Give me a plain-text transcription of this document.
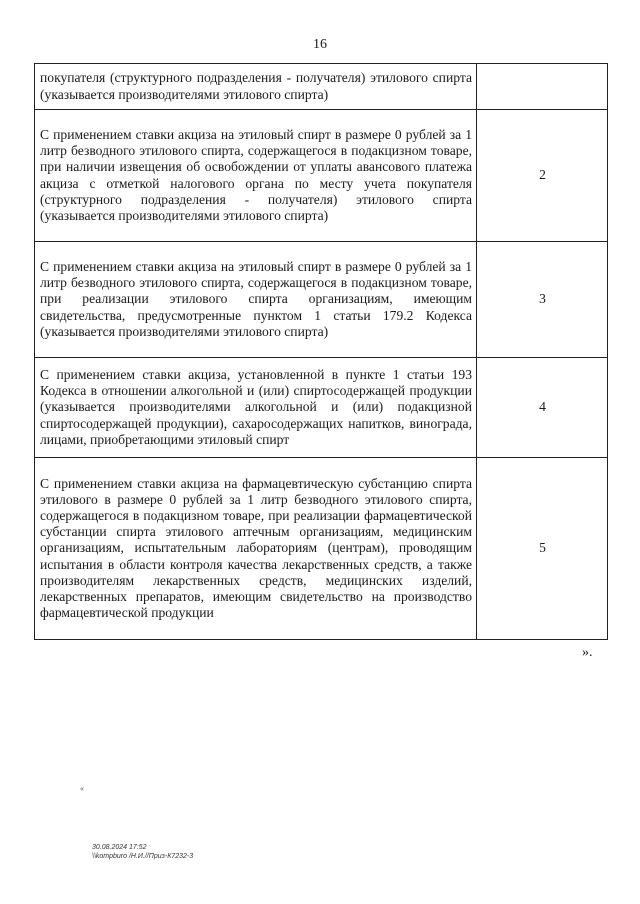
16
покупателя (структурного подразделения - получателя) этилового спирта (указывается производителями этилового спирта)	
С применением ставки акциза на этиловый спирт в размере 0 рублей за 1 литр безводного этилового спирта, содержащегося в подакцизном товаре, при наличии извещения об освобождении от уплаты авансового платежа акциза с отметкой налогового органа по месту учета покупателя (структурного подразделения - получателя) этилового спирта (указывается производителями этилового спирта)	2
С применением ставки акциза на этиловый спирт в размере 0 рублей за 1 литр безводного этилового спирта, содержащегося в подакцизном товаре, при реализации этилового спирта организациям, имеющим свидетельства, предусмотренные пунктом 1 статьи 179.2 Кодекса (указывается производителями этилового спирта)	3
С применением ставки акциза, установленной в пункте 1 статьи 193 Кодекса в отношении алкогольной и (или) спиртосодержащей продукции (указывается производителями алкогольной и (или) подакцизной спиртосодержащей продукции), сахаросодержащих напитков, винограда, лицами, приобретающими этиловый спирт	4
С применением ставки акциза на фармацевтическую субстанцию спирта этилового в размере 0 рублей за 1 литр безводного этилового спирта, содержащегося в подакцизном товаре, при реализации фармацевтической субстанции спирта этилового аптечным организациям, медицинским организациям, испытательным лабораториям (центрам), проводящим испытания в области контроля качества лекарственных средств, а также производителям лекарственных средств, медицинских изделий, лекарственных препаратов, имеющим свидетельство на производство фармацевтической продукции	5
».
«
30.08.2024 17:52
\\kompburo /Н.И.//Приз-К7232-3
